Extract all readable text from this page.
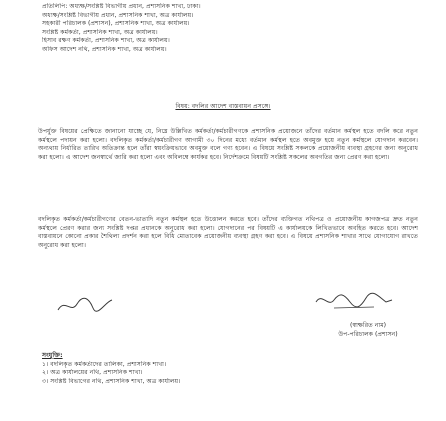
প্রতিলিপি: অধ্যক্ষ/সংশ্লিষ্ট বিভাগীয় প্রধান, প্রশাসনিক শাখা, ঢাকা।
অধ্যক্ষ/সংশ্লিষ্ট বিভাগীয় প্রধান, প্রশাসনিক শাখা, অত্র কার্যালয়।
সহকারী পরিচালক (প্রশাসন), প্রশাসনিক শাখা, অত্র কার্যালয়।
সংশ্লিষ্ট কর্মকর্তা, প্রশাসনিক শাখা, অত্র কার্যালয়।
হিসাব রক্ষণ কর্মকর্তা, প্রশাসনিক শাখা, অত্র কার্যালয়।
অফিস আদেশ নথি, প্রশাসনিক শাখা, অত্র কার্যালয়।
বিষয়: বদলির আদেশ বাস্তবায়ন প্রসঙ্গে।
উপর্যুক্ত বিষয়ের প্রেক্ষিতে জানানো যাচ্ছে যে, নিম্নে উল্লিখিত কর্মকর্তা/কর্মচারীগণকে প্রশাসনিক প্রয়োজনে তাঁদের বর্তমান কর্মস্থল হতে বদলি করে নতুন কর্মস্থলে পদায়ন করা হলো। বদলিকৃত কর্মকর্তা/কর্মচারীগণ আগামী ৩০ দিনের মধ্যে বর্তমান কর্মস্থল হতে অবমুক্ত হয়ে নতুন কর্মস্থলে যোগদান করবেন। অন্যথায় নির্ধারিত তারিখ অতিক্রান্ত হলে তাঁরা স্বয়ংক্রিয়ভাবে অবমুক্ত বলে গণ্য হবেন। এ বিষয়ে সংশ্লিষ্ট সকলকে প্রয়োজনীয় ব্যবস্থা গ্রহণের জন্য অনুরোধ করা হলো। এ আদেশ জনস্বার্থে জারি করা হলো এবং অবিলম্বে কার্যকর হবে। নির্দেশক্রমে বিষয়টি সংশ্লিষ্ট সকলের অবগতির জন্য প্রেরণ করা হলো।
বদলিকৃত কর্মকর্তা/কর্মচারীগণের বেতন-ভাতাদি নতুন কর্মস্থল হতে উত্তোলন করতে হবে। তাঁদের ব্যক্তিগত নথিপত্র ও প্রয়োজনীয় কাগজপত্র দ্রুত নতুন কর্মস্থলে প্রেরণ করার জন্য সংশ্লিষ্ট দপ্তর প্রধানকে অনুরোধ করা হলো। যোগদানের পর বিষয়টি এ কার্যালয়কে লিখিতভাবে অবহিত করতে হবে। আদেশ বাস্তবায়নে কোনো প্রকার শৈথিল্য প্রদর্শন করা হলে বিধি মোতাবেক প্রয়োজনীয় ব্যবস্থা গ্রহণ করা হবে। এ বিষয়ে প্রশাসনিক শাখার সাথে যোগাযোগ রাখতে অনুরোধ করা হলো।
(স্বাক্ষরিত নাম)
উপ-পরিচালক (প্রশাসন)
সংযুক্তি:
১। বদলিকৃত কর্মকর্তাদের তালিকা, প্রশাসনিক শাখা।
২। অত্র কার্যালয়ের নথি, প্রশাসনিক শাখা।
৩। সংশ্লিষ্ট বিভাগের নথি, প্রশাসনিক শাখা, অত্র কার্যালয়।
